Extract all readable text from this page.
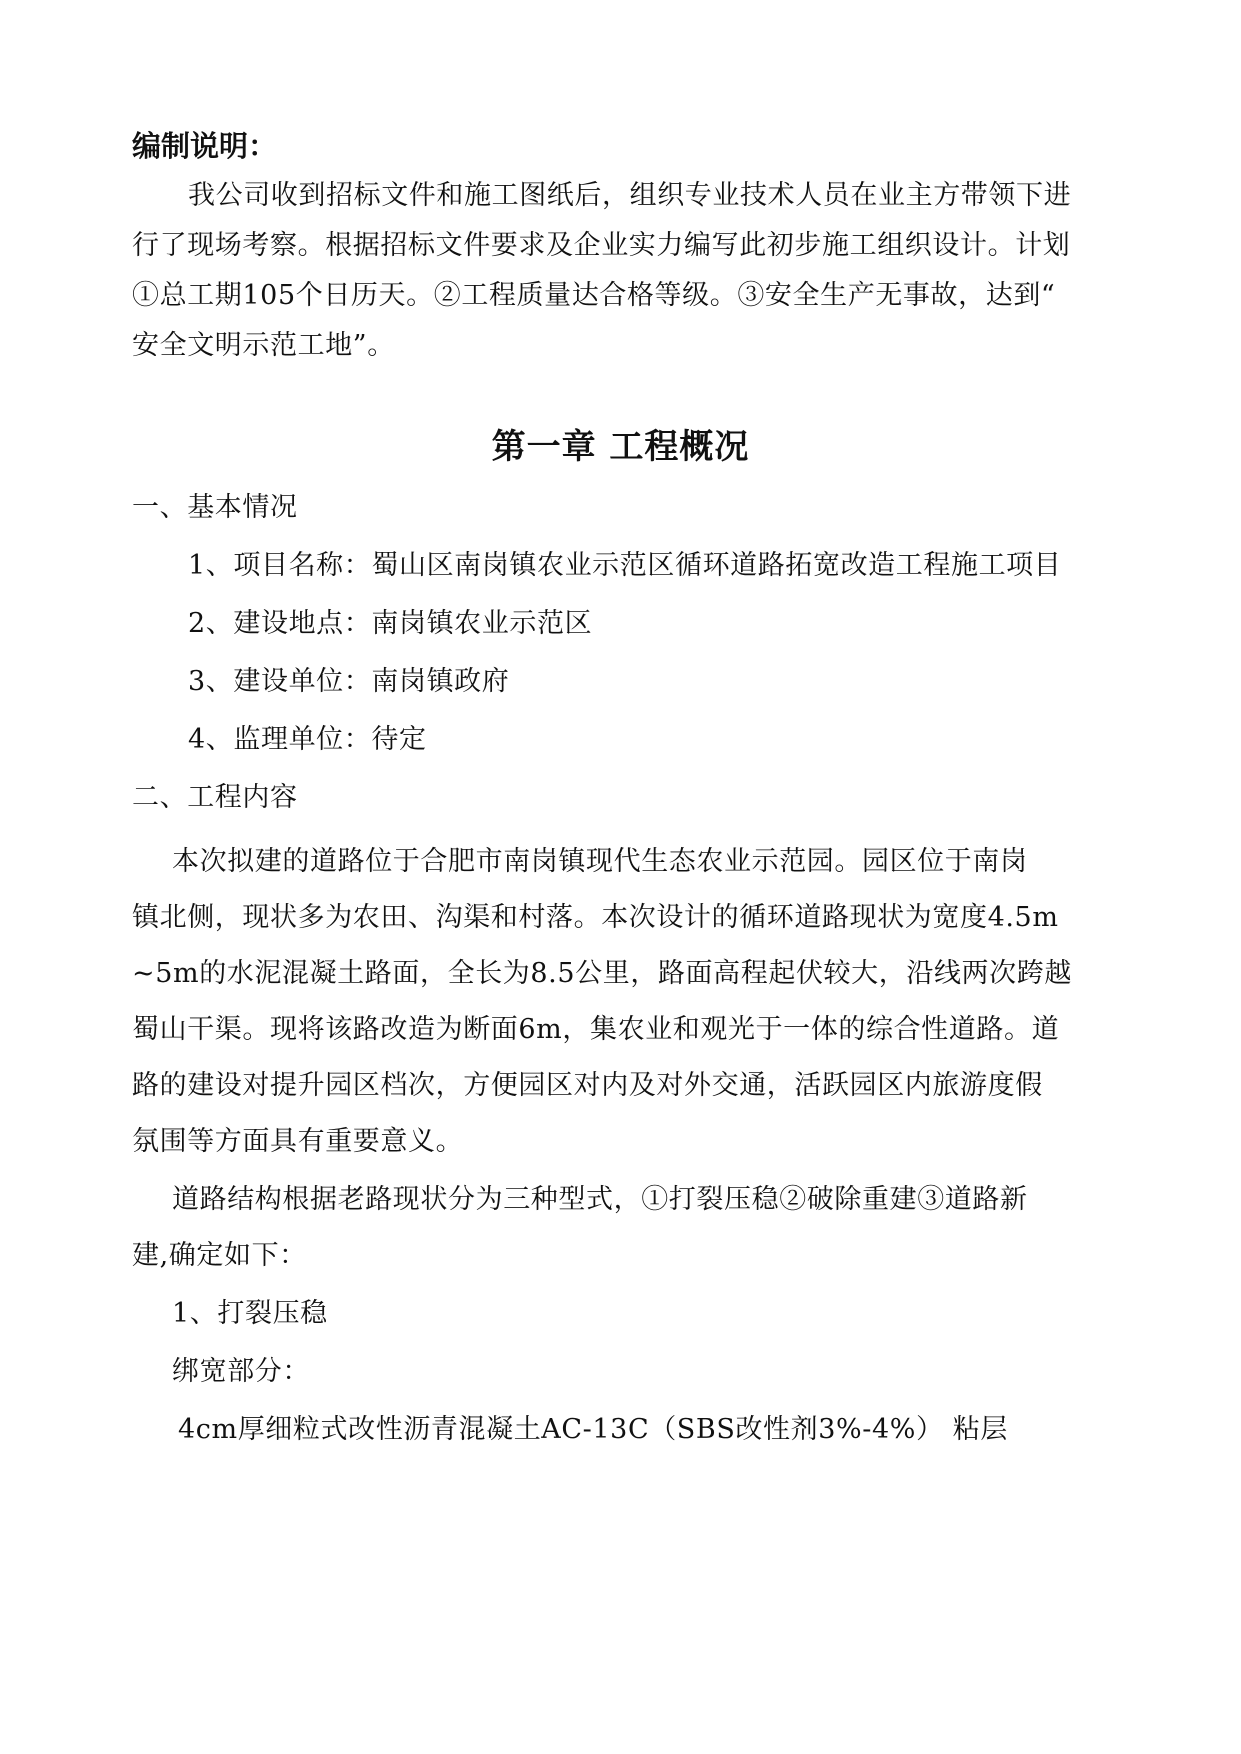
编制说明：
我公司收到招标文件和施工图纸后，组织专业技术人员在业主方带领下进
行了现场考察。根据招标文件要求及企业实力编写此初步施工组织设计。计划
①总工期105个日历天。②工程质量达合格等级。③安全生产无事故，达到“
安全文明示范工地”。
第一章 工程概况
一、基本情况
1、项目名称：蜀山区南岗镇农业示范区循环道路拓宽改造工程施工项目
2、建设地点：南岗镇农业示范区
3、建设单位：南岗镇政府
4、监理单位：待定
二、工程内容
本次拟建的道路位于合肥市南岗镇现代生态农业示范园。园区位于南岗
镇北侧，现状多为农田、沟渠和村落。本次设计的循环道路现状为宽度4.5m
~5m的水泥混凝土路面，全长为8.5公里，路面高程起伏较大，沿线两次跨越
蜀山干渠。现将该路改造为断面6m，集农业和观光于一体的综合性道路。道
路的建设对提升园区档次，方便园区对内及对外交通，活跃园区内旅游度假
氛围等方面具有重要意义。
道路结构根据老路现状分为三种型式，①打裂压稳②破除重建③道路新
建,确定如下：
1、打裂压稳
绑宽部分：
4cm厚细粒式改性沥青混凝土AC-13C（SBS改性剂3%-4%） 粘层
